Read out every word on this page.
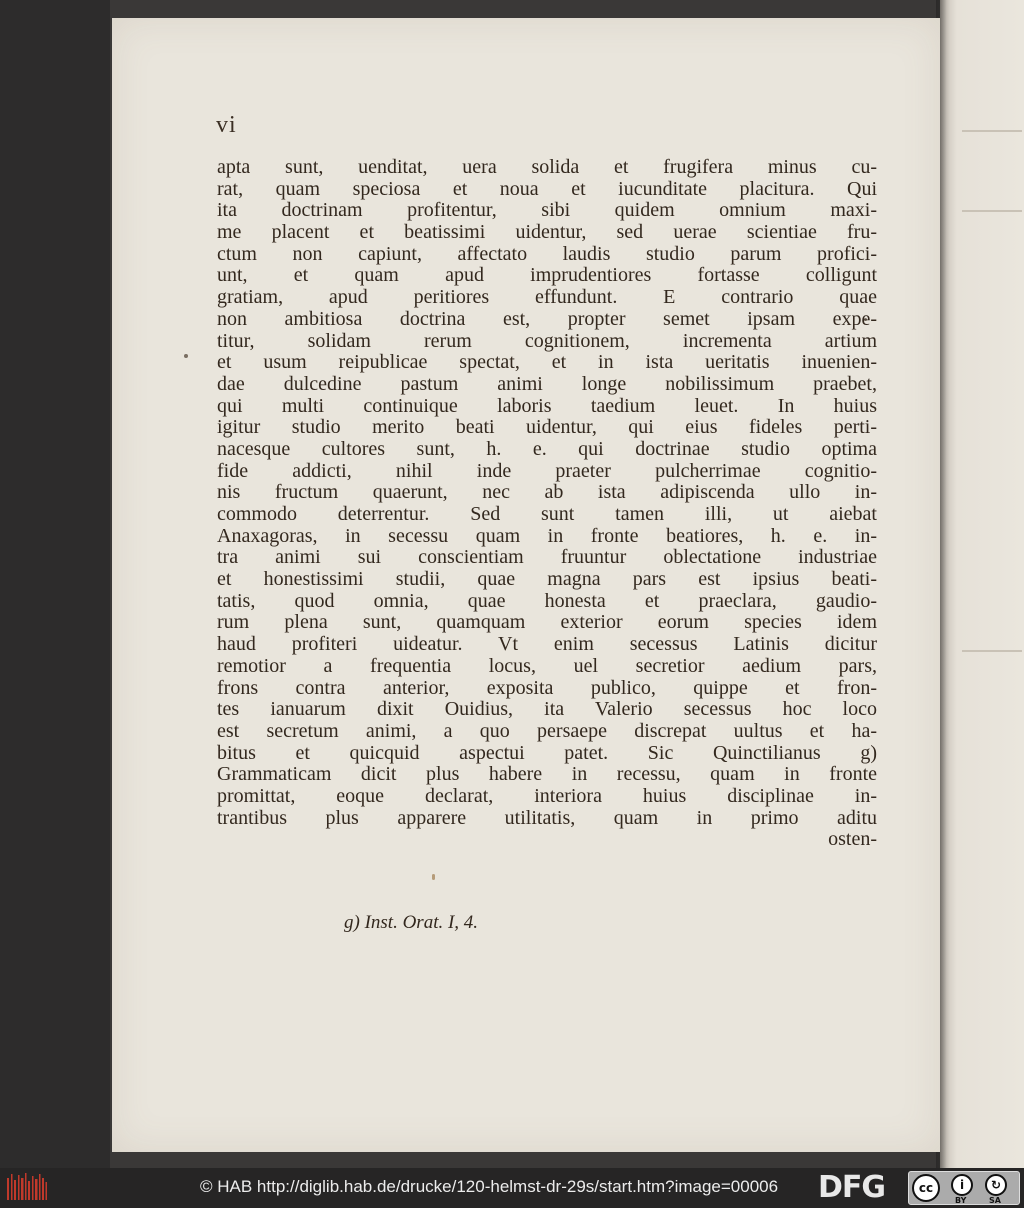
vi
apta sunt, uenditat, uera solida et frugifera minus cu-
rat, quam speciosa et noua et iucunditate placitura. Qui
ita doctrinam profitentur, sibi quidem omnium maxi-
me placent et beatissimi uidentur, sed uerae scientiae fru-
ctum non capiunt, affectato laudis studio parum profici-
unt, et quam apud imprudentiores fortasse colligunt
gratiam, apud peritiores effundunt. E contrario quae
non ambitiosa doctrina est, propter semet ipsam expe-
titur, solidam rerum cognitionem, incrementa artium
et usum reipublicae spectat, et in ista ueritatis inuenien-
dae dulcedine pastum animi longe nobilissimum praebet,
qui multi continuique laboris taedium leuet. In huius
igitur studio merito beati uidentur, qui eius fideles perti-
nacesque cultores sunt, h. e. qui doctrinae studio optima
fide addicti, nihil inde praeter pulcherrimae cognitio-
nis fructum quaerunt, nec ab ista adipiscenda ullo in-
commodo deterrentur. Sed sunt tamen illi, ut aiebat
Anaxagoras, in secessu quam in fronte beatiores, h. e. in-
tra animi sui conscientiam fruuntur oblectatione industriae
et honestissimi studii, quae magna pars est ipsius beati-
tatis, quod omnia, quae honesta et praeclara, gaudio-
rum plena sunt, quamquam exterior eorum species idem
haud profiteri uideatur. Vt enim secessus Latinis dicitur
remotior a frequentia locus, uel secretior aedium pars,
frons contra anterior, exposita publico, quippe et fron-
tes ianuarum dixit Ouidius, ita Valerio secessus hoc loco
est secretum animi, a quo persaepe discrepat uultus et ha-
bitus et quicquid aspectui patet. Sic Quinctilianus g)
Grammaticam dicit plus habere in recessu, quam in fronte
promittat, eoque declarat, interiora huius disciplinae in-
trantibus plus apparere utilitatis, quam in primo aditu
osten-
g) Inst. Orat. I, 4.
© HAB http://diglib.hab.de/drucke/120-helmst-dr-29s/start.htm?image=00006 DFG	cc	i	↻
BY	SA
